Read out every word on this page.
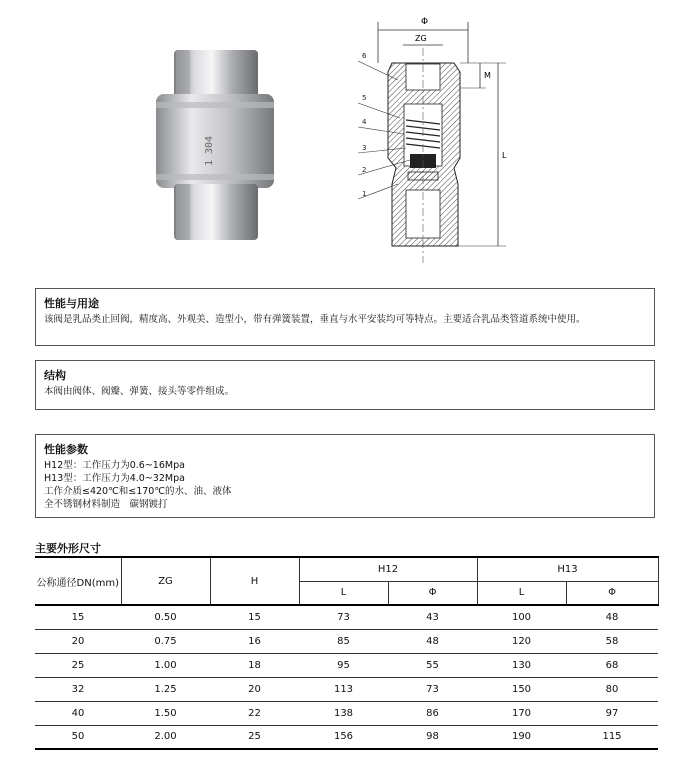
1
304
Φ
ZG
M
L
6
5
4
3
2
1
性能与用途

该阀是乳品类止回阀，精度高、外观美、造型小，带有弹簧装置，垂直与水平安装均可等特点。主要适合乳品类管道系统中使用。

结构

本阀由阀体、阀瓣、弹簧、接头等零件组成。

性能参数

H12型：工作压力为0.6~16Mpa

H13型：工作压力为4.0~32Mpa

工作介质≤420℃和≤170℃的水、油、液体

全不锈钢材料制造　碳钢镀打

主要外形尺寸
公称通径DN(mm)	ZG	H	H12		H13	
			L	Φ	L	Φ
15	0.50	15	73	43	100	48
20	0.75	16	85	48	120	58
25	1.00	18	95	55	130	68
32	1.25	20	113	73	150	80
40	1.50	22	138	86	170	97
50	2.00	25	156	98	190	115
